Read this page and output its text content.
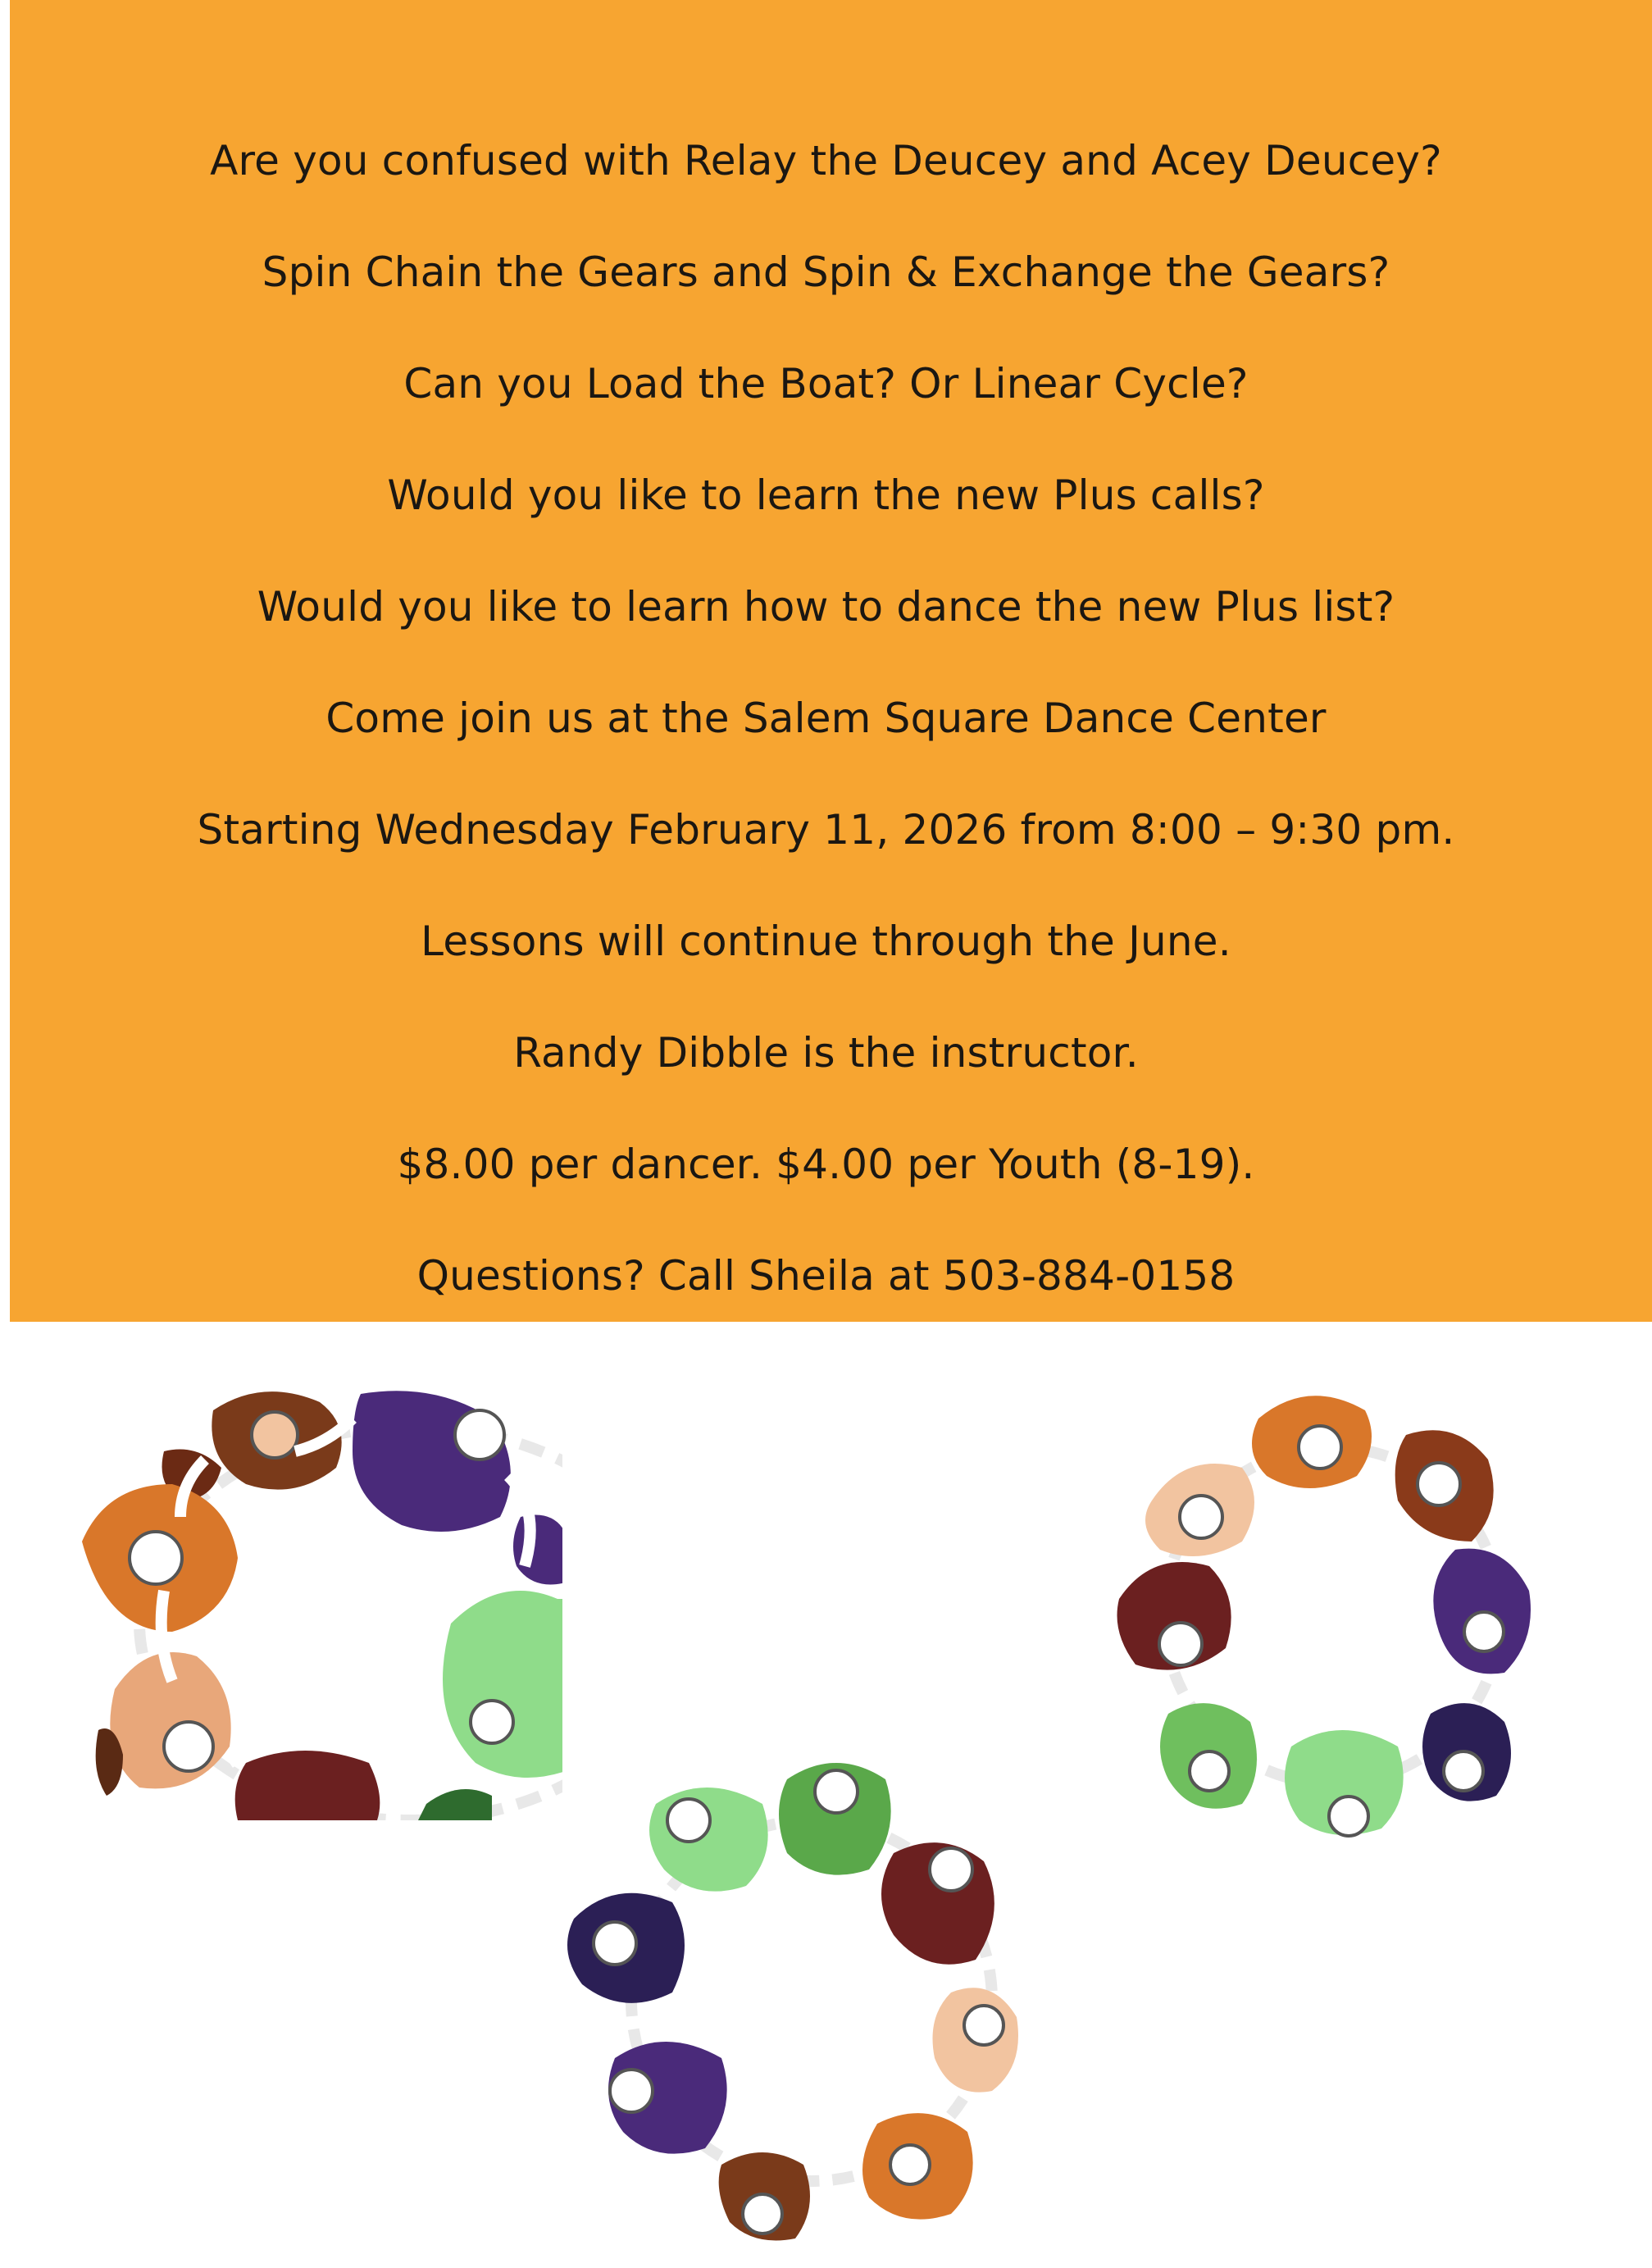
Are you confused with Relay the Deucey and Acey Deucey?
Spin Chain the Gears and Spin & Exchange the Gears?
Can you Load the Boat? Or Linear Cycle?
Would you like to learn the new Plus calls?
Would you like to learn how to dance the new Plus list?
Come join us at the Salem Square Dance Center
Starting Wednesday February 11, 2026 from 8:00 – 9:30 pm.
Lessons will continue through the June.
Randy Dibble is the instructor.
$8.00 per dancer. $4.00 per Youth (8-19).
Questions? Call Sheila at 503-884-0158
